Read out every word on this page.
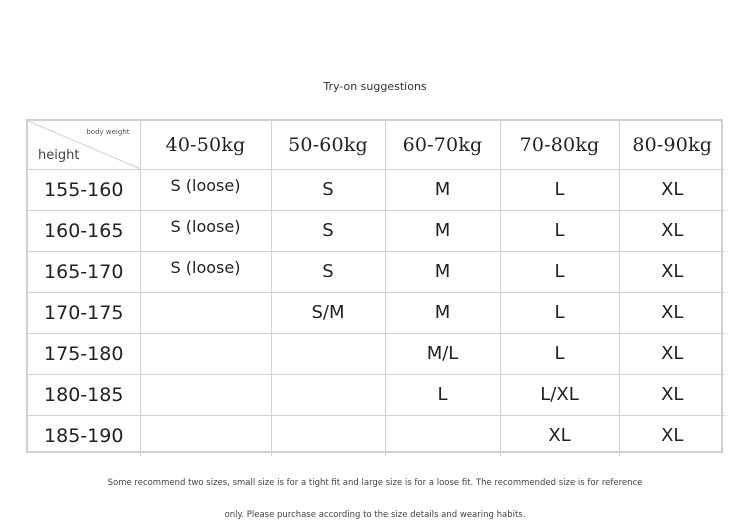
Try-on suggestions
body weight
height	40-50kg	50-60kg	60-70kg	70-80kg	80-90kg
155-160	S (loose)	S	M	L	XL
160-165	S (loose)	S	M	L	XL
165-170	S (loose)	S	M	L	XL
170-175		S/M	M	L	XL
175-180			M/L	L	XL
180-185			L	L/XL	XL
185-190				XL	XL
Some recommend two sizes, small size is for a tight fit and large size is for a loose fit. The recommended size is for reference
only. Please purchase according to the size details and wearing habits.
